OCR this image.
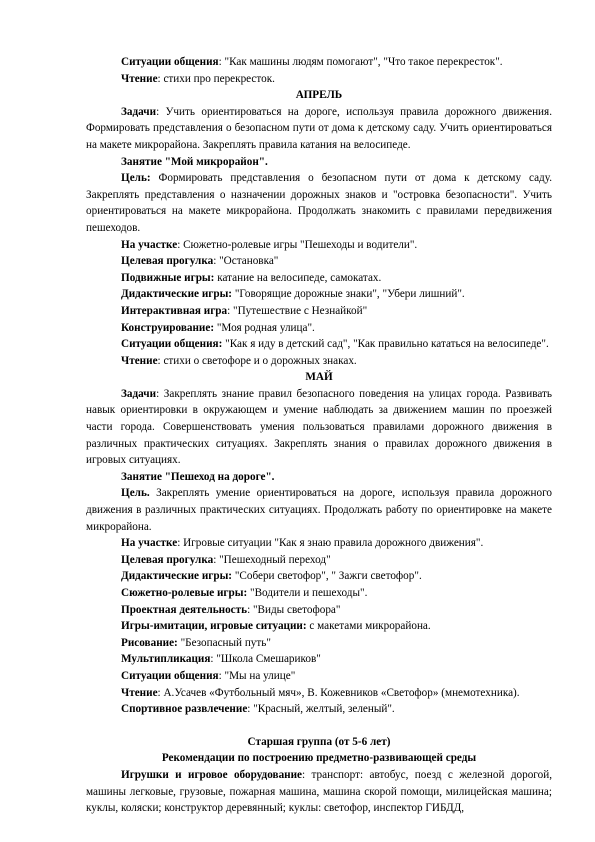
Ситуации общения: "Как машины людям помогают", "Что такое перекресток".

Чтение: стихи про перекресток.

АПРЕЛЬ

Задачи: Учить ориентироваться на дороге, используя правила дорожного движения. Формировать представления о безопасном пути от дома к детскому саду. Учить ориентироваться на макете микрорайона. Закреплять правила катания на велосипеде.

Занятие "Мой микрорайон".

Цель: Формировать представления о безопасном пути от дома к детскому саду. Закреплять представления о назначении дорожных знаков и "островка безопасности". Учить ориентироваться на макете микрорайона. Продолжать знакомить с правилами передвижения пешеходов.

На участке: Сюжетно-ролевые игры "Пешеходы и водители".

Целевая прогулка: "Остановка"

Подвижные игры: катание на велосипеде, самокатах.

Дидактические игры: "Говорящие дорожные знаки", "Убери лишний".

Интерактивная игра: "Путешествие с Незнайкой"

Конструирование: "Моя родная улица".

Ситуации общения: "Как я иду в детский сад", "Как правильно кататься на велосипеде".

Чтение: стихи о светофоре и о дорожных знаках.

МАЙ

Задачи: Закреплять знание правил безопасного поведения на улицах города. Развивать навык ориентировки в окружающем и умение наблюдать за движением машин по проезжей части города. Совершенствовать умения пользоваться правилами дорожного движения в различных практических ситуациях. Закреплять знания о правилах дорожного движения в игровых ситуациях.

Занятие "Пешеход на дороге".

Цель. Закреплять умение ориентироваться на дороге, используя правила дорожного движения в различных практических ситуациях. Продолжать работу по ориентировке на макете микрорайона.

На участке: Игровые ситуации "Как я знаю правила дорожного движения".

Целевая прогулка: "Пешеходный переход"

Дидактические игры: "Собери светофор", " Зажги светофор".

Сюжетно-ролевые игры: "Водители и пешеходы".

Проектная деятельность: "Виды светофора"

Игры-имитации, игровые ситуации: с макетами микрорайона.

Рисование: "Безопасный путь"

Мультипликация: "Школа Смешариков"

Ситуации общения: "Мы на улице"

Чтение: А.Усачев «Футбольный мяч», В. Кожевников «Светофор» (мнемотехника).

Спортивное развлечение: "Красный, желтый, зеленый".

Старшая группа (от 5-6 лет)

Рекомендации по построению предметно-развивающей среды

Игрушки и игровое оборудование: транспорт: автобус, поезд с железной дорогой, машины легковые, грузовые, пожарная машина, машина скорой помощи, милицейская машина; куклы, коляски; конструктор деревянный; куклы: светофор, инспектор ГИБДД,
